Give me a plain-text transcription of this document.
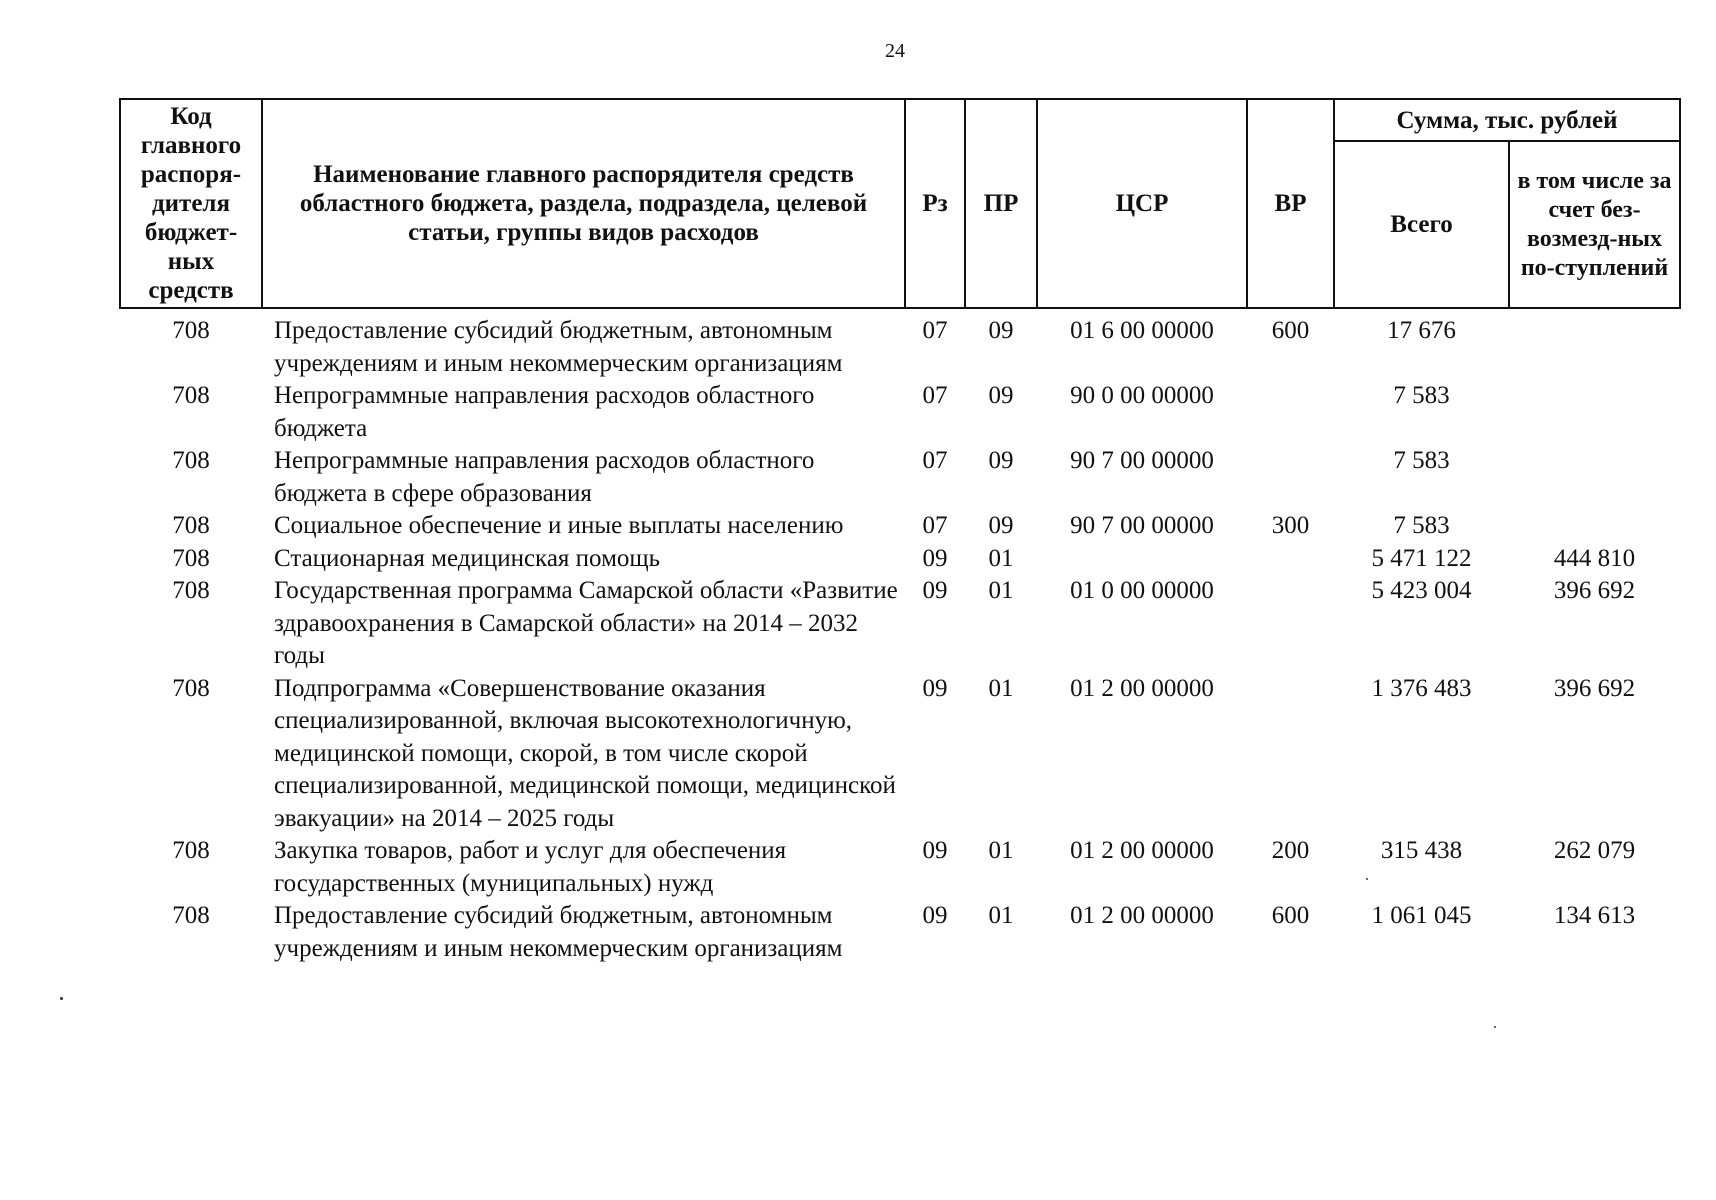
24
Код главного распоря-дителя бюджет-ных средств	Наименование главного распорядителя средств областного бюджета, раздела, подраздела, целевой статьи, группы видов расходов	Рз	ПР	ЦСР	ВР	Сумма, тыс. рублей	
						Всего	в том числе за счет без-возмезд-ных по-ступлений
708	Предоставление субсидий бюджетным, автономным учреждениям и иным некоммерческим организациям	07	09	01 6 00 00000	600	17 676	
708	Непрограммные направления расходов областного бюджета	07	09	90 0 00 00000		7 583	
708	Непрограммные направления расходов областного бюджета в сфере образования	07	09	90 7 00 00000		7 583	
708	Социальное обеспечение и иные выплаты населению	07	09	90 7 00 00000	300	7 583	
708	Стационарная медицинская помощь	09	01			5 471 122	444 810
708	Государственная программа Самарской области «Развитие здравоохранения в Самарской области» на 2014 – 2032 годы	09	01	01 0 00 00000		5 423 004	396 692
708	Подпрограмма «Совершенствование оказания специализированной, включая высокотехнологичную, медицинской помощи, скорой, в том числе скорой специализированной, медицинской помощи, медицинской эвакуации» на 2014 – 2025 годы	09	01	01 2 00 00000		1 376 483	396 692
708	Закупка товаров, работ и услуг для обеспечения государственных (муниципальных) нужд	09	01	01 2 00 00000	200	315 438	262 079
708	Предоставление субсидий бюджетным, автономным учреждениям и иным некоммерческим организациям	09	01	01 2 00 00000	600	1 061 045	134 613
